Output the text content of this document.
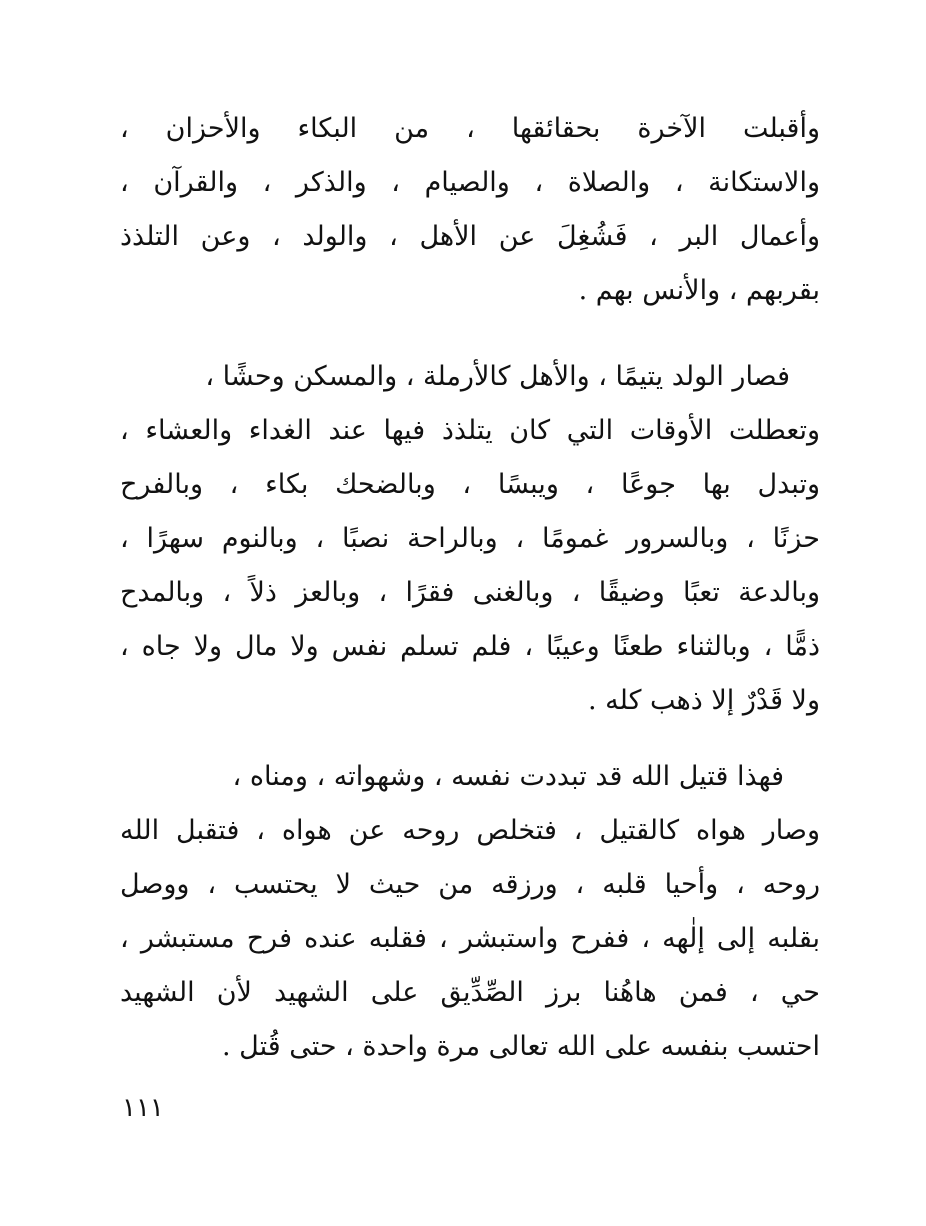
وأقبلت الآخرة بحقائقها ، من البكاء والأحزان ،
والاستكانة ، والصلاة ، والصيام ، والذكر ، والقرآن ،
وأعمال البر ، فَشُغِلَ عن الأهل ، والولد ، وعن التلذذ
بقربهم ، والأنس بهم .
فصار الولد يتيمًا ، والأهل كالأرملة ، والمسكن وحشًا ،
وتعطلت الأوقات التي كان يتلذذ فيها عند الغداء والعشاء ،
وتبدل بها جوعًا ، ويبسًا ، وبالضحك بكاء ، وبالفرح
حزنًا ، وبالسرور غمومًا ، وبالراحة نصبًا ، وبالنوم سهرًا ،
وبالدعة تعبًا وضيقًا ، وبالغنى فقرًا ، وبالعز ذلاً ، وبالمدح
ذمًّا ، وبالثناء طعنًا وعيبًا ، فلم تسلم نفس ولا مال ولا جاه ،
ولا قَدْرٌ إلا ذهب كله .
فهذا قتيل الله قد تبددت نفسه ، وشهواته ، ومناه ،
وصار هواه كالقتيل ، فتخلص روحه عن هواه ، فتقبل الله
روحه ، وأحيا قلبه ، ورزقه من حيث لا يحتسب ، ووصل
بقلبه إلى إلٰهه ، ففرح واستبشر ، فقلبه عنده فرح مستبشر ،
حي ، فمن هاهُنا برز الصِّدِّيق على الشهيد لأن الشهيد
احتسب بنفسه على الله تعالى مرة واحدة ، حتى قُتل .
١١١
